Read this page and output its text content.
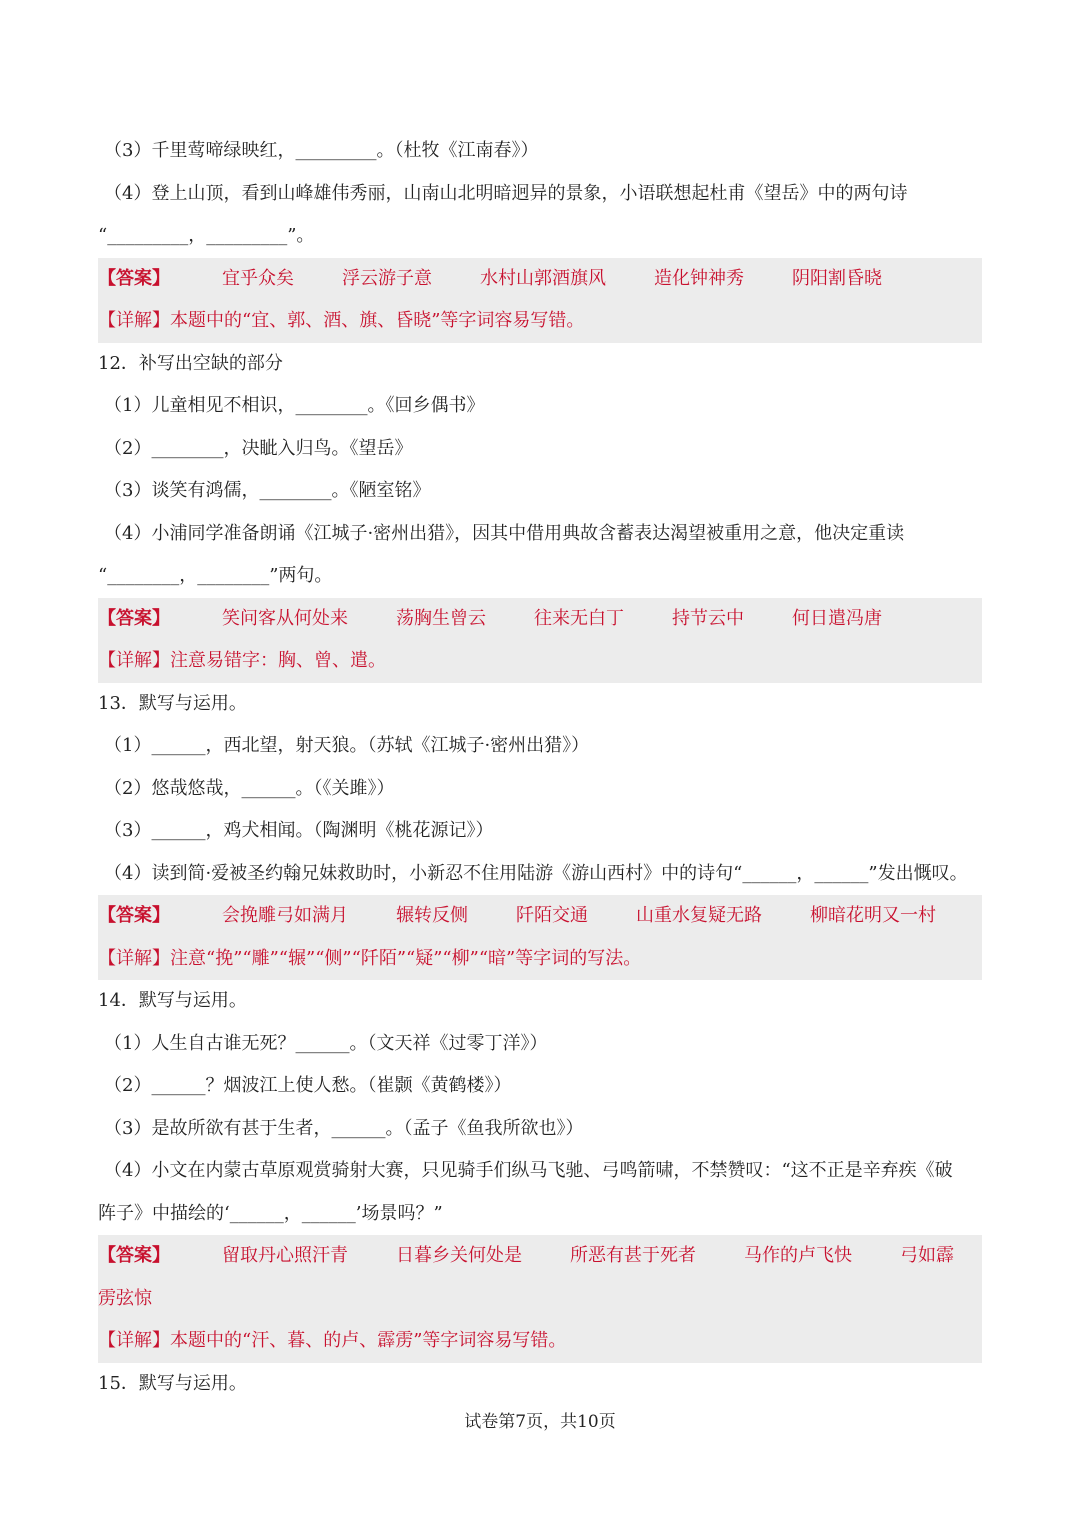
（3）千里莺啼绿映红，_________。（杜牧《江南春》）
（4）登上山顶，看到山峰雄伟秀丽，山南山北明暗迥异的景象，小语联想起杜甫《望岳》中的两句诗
“_________，_________”。
【答案】	宜乎众矣	浮云游子意	水村山郭酒旗风	造化钟神秀	阴阳割昏晓
【详解】本题中的“宜、郭、酒、旗、昏晓”等字词容易写错。
12．补写出空缺的部分
（1）儿童相见不相识，________。《回乡偶书》
（2）________，决眦入归鸟。《望岳》
（3）谈笑有鸿儒，________。《陋室铭》
（4）小浦同学准备朗诵《江城子·密州出猎》，因其中借用典故含蓄表达渴望被重用之意，他决定重读
“________，________”两句。
【答案】	笑问客从何处来	荡胸生曾云	往来无白丁	持节云中	何日遣冯唐
【详解】注意易错字：胸、曾、遣。
13．默写与运用。
（1）______，西北望，射天狼。（苏轼《江城子·密州出猎》）
（2）悠哉悠哉，______。（《关雎》）
（3）______，鸡犬相闻。（陶渊明《桃花源记》）
（4）读到简·爱被圣约翰兄妹救助时，小新忍不住用陆游《游山西村》中的诗句“______，______”发出慨叹。
【答案】	会挽雕弓如满月	辗转反侧	阡陌交通	山重水复疑无路	柳暗花明又一村
【详解】注意“挽”“雕”“辗”“侧”“阡陌”“疑”“柳”“暗”等字词的写法。
14．默写与运用。
（1）人生自古谁无死？______。（文天祥《过零丁洋》）
（2）______？烟波江上使人愁。（崔颢《黄鹤楼》）
（3）是故所欲有甚于生者，______。（孟子《鱼我所欲也》）
（4）小文在内蒙古草原观赏骑射大赛，只见骑手们纵马飞驰、弓鸣箭啸，不禁赞叹：“这不正是辛弃疾《破
阵子》中描绘的‘______，______’场景吗？”
【答案】	留取丹心照汗青	日暮乡关何处是	所恶有甚于死者	马作的卢飞快	弓如霹
雳弦惊
【详解】本题中的“汗、暮、的卢、霹雳”等字词容易写错。
15．默写与运用。
试卷第7页，共10页
